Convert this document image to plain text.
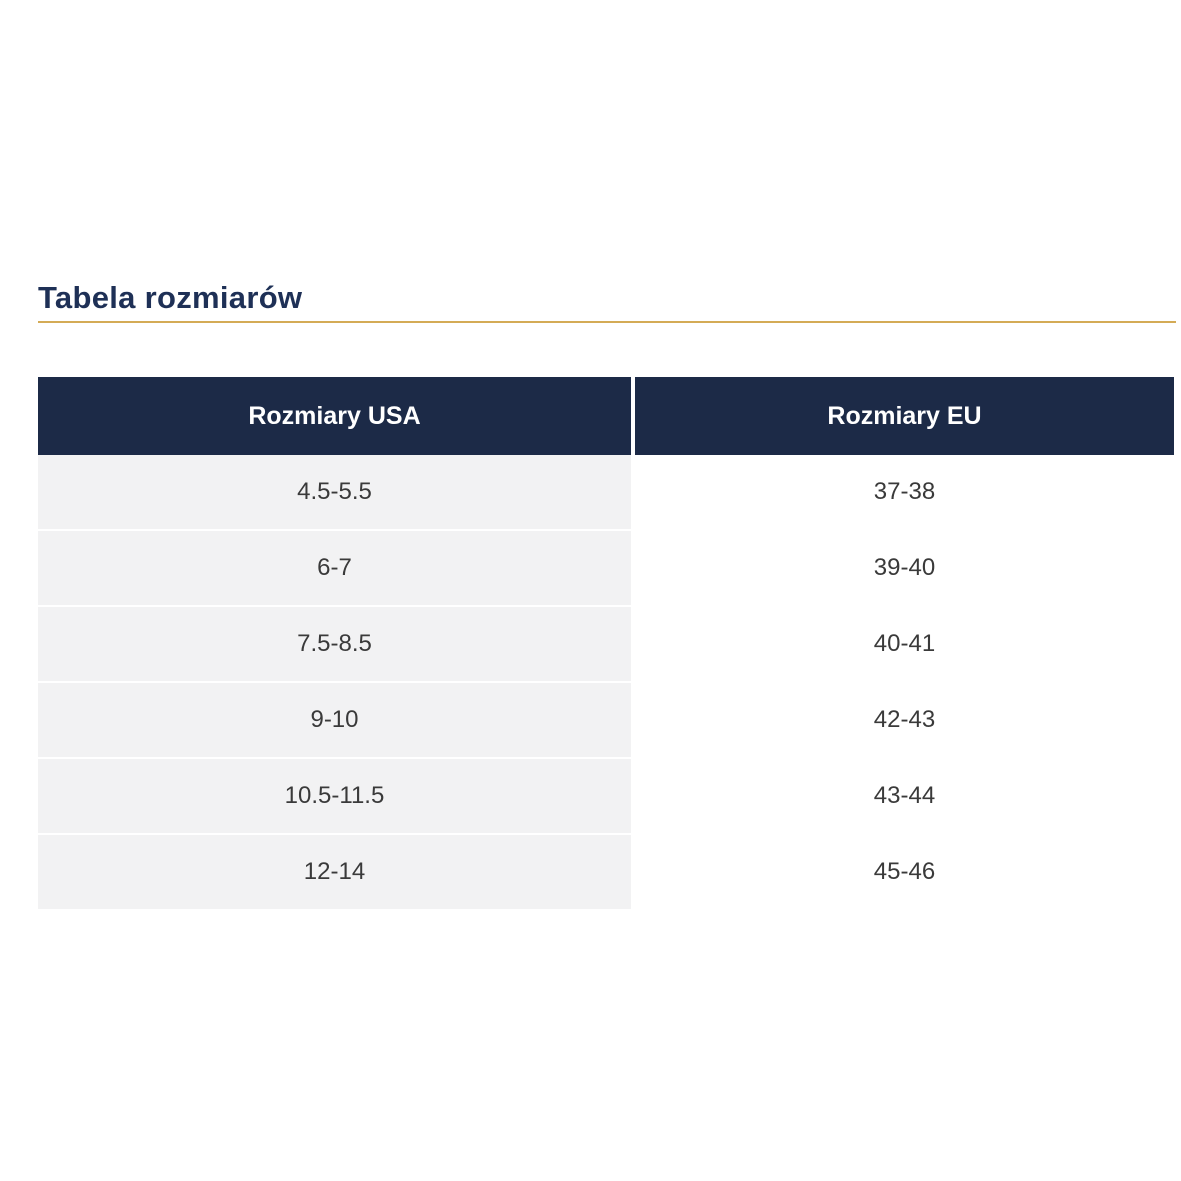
Tabela rozmiarów
Rozmiary USA	Rozmiary EU
4.5-5.5	37-38
6-7	39-40
7.5-8.5	40-41
9-10	42-43
10.5-11.5	43-44
12-14	45-46
